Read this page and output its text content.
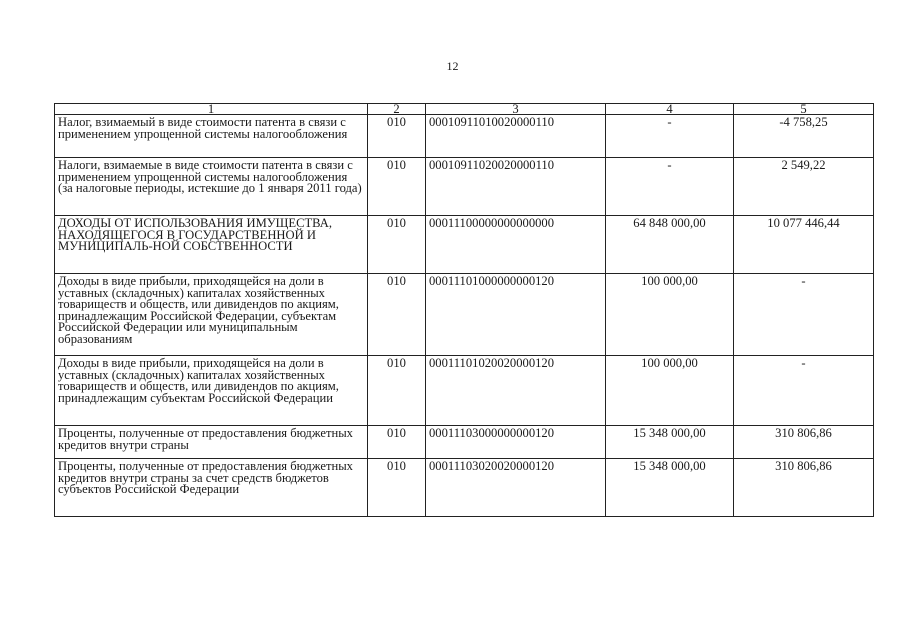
12
1	2	3	4	5
Налог, взимаемый в виде стоимости патента в связи с применением упрощенной системы налогообложения	010	00010911010020000110	-	-4 758,25
Налоги, взимаемые в виде стоимости патента в связи с применением упрощенной системы налогообложения (за налоговые периоды, истекшие до 1 января 2011 года)	010	00010911020020000110	-	2 549,22
ДОХОДЫ ОТ ИСПОЛЬЗОВАНИЯ ИМУЩЕСТВА, НАХОДЯЩЕГОСЯ В ГОСУДАРСТВЕННОЙ И МУНИЦИПАЛЬ-НОЙ СОБСТВЕННОСТИ	010	00011100000000000000	64 848 000,00	10 077 446,44
Доходы в виде прибыли, приходящейся на доли в уставных (складочных) капиталах хозяйственных товариществ и обществ, или дивидендов по акциям, принадлежащим Российской Федерации, субъектам Российской Федерации или муниципальным образованиям	010	00011101000000000120	100 000,00	-
Доходы в виде прибыли, приходящейся на доли в уставных (складочных) капиталах хозяйственных товариществ и обществ, или дивидендов по акциям, принадлежащим субъектам Российской Федерации	010	00011101020020000120	100 000,00	-
Проценты, полученные от предоставления бюджетных кредитов внутри страны	010	00011103000000000120	15 348 000,00	310 806,86
Проценты, полученные от предоставления бюджетных кредитов внутри страны за счет средств бюджетов субъектов Российской Федерации	010	00011103020020000120	15 348 000,00	310 806,86
